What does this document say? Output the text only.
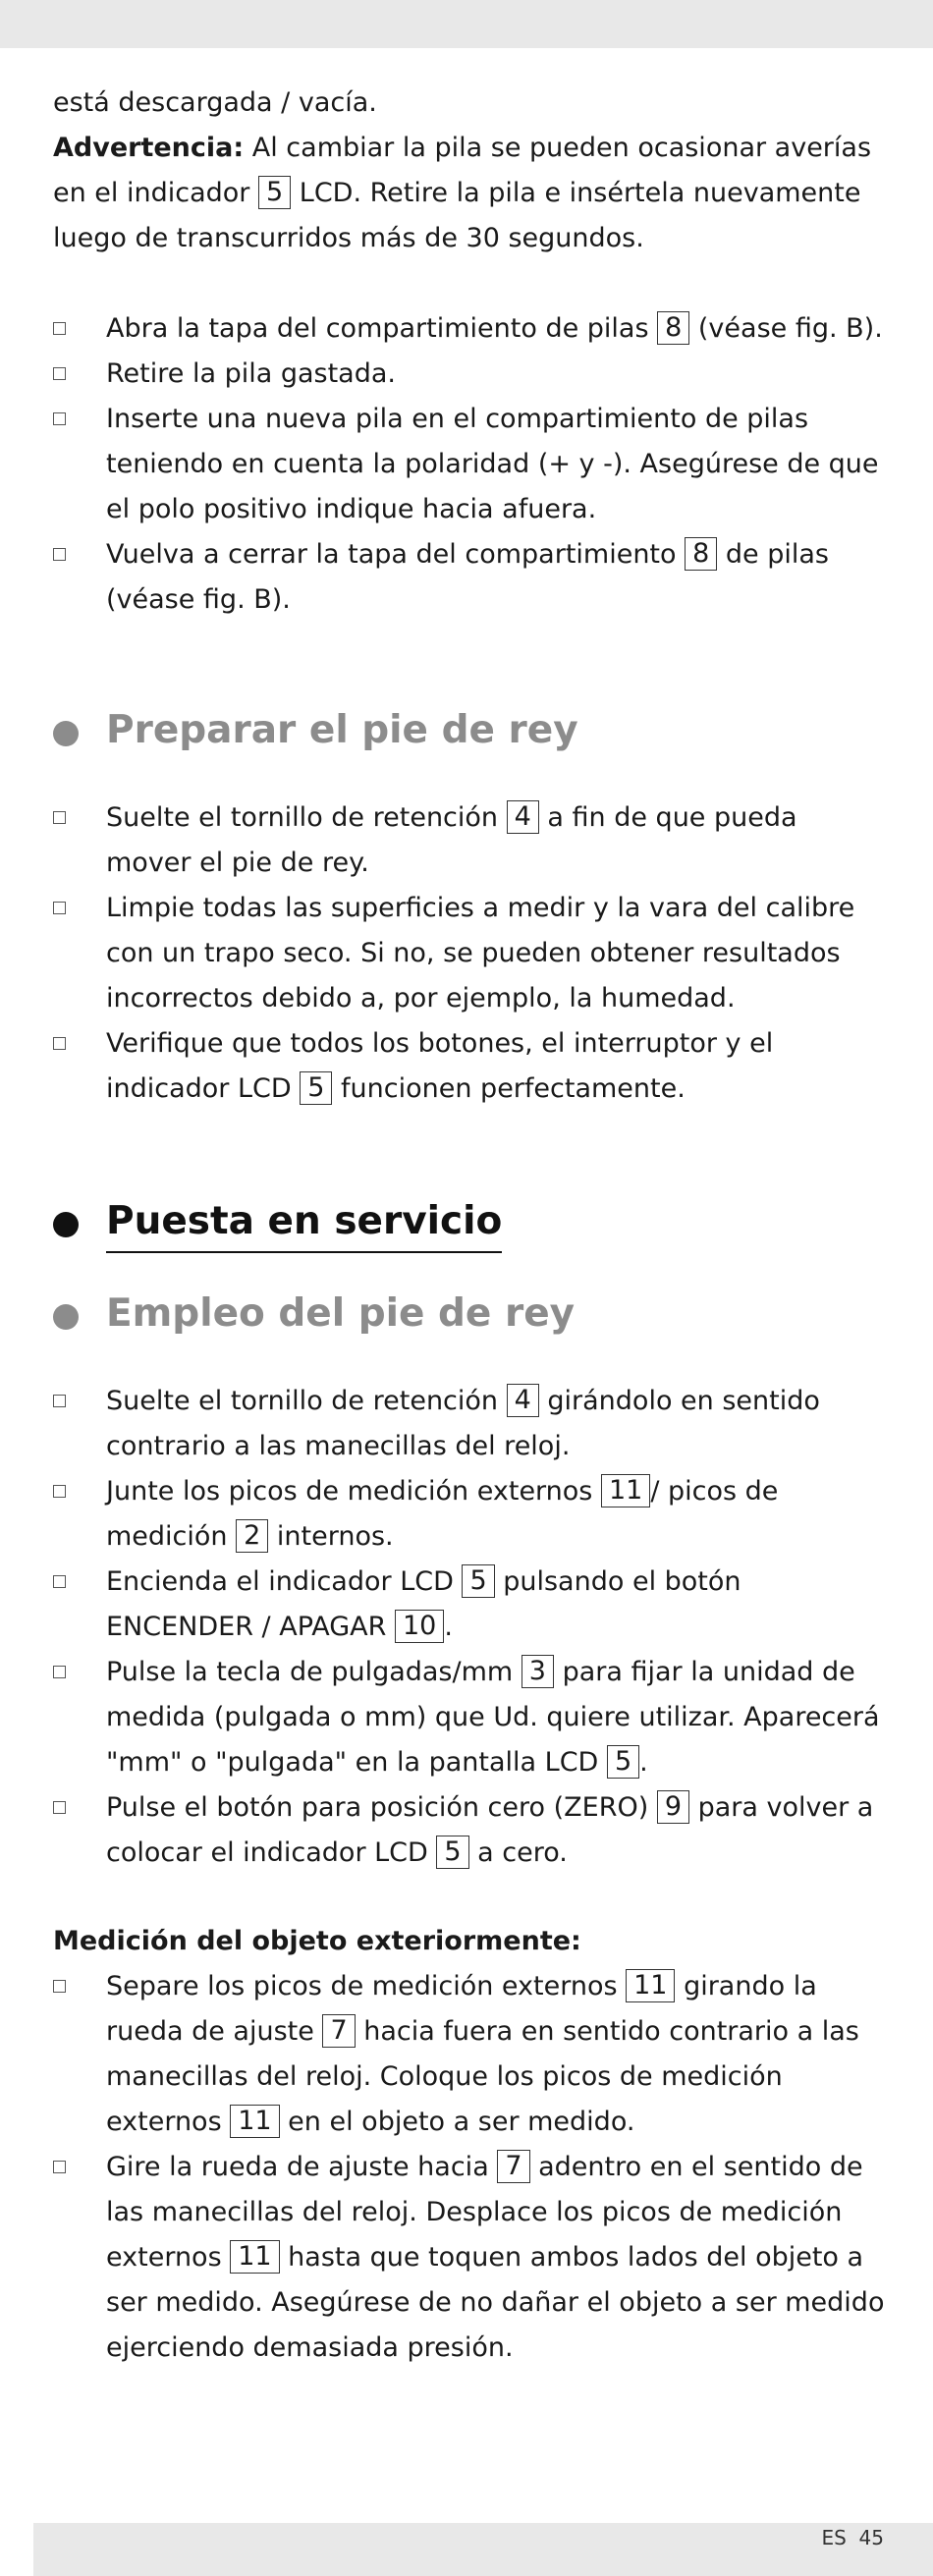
está descargada / vacía.

Advertencia: Al cambiar la pila se pueden ocasionar averías en el indicador 5 LCD. Retire la pila e insértela nuevamente luego de transcurridos más de 30 segundos.

Abra la tapa del compartimiento de pilas 8 (véase fig. B).
Retire la pila gastada.
Inserte una nueva pila en el compartimiento de pilas teniendo en cuenta la polaridad (+ y -). Asegúrese de que el polo positivo indique hacia afuera.
Vuelva a cerrar la tapa del compartimiento 8 de pilas (véase fig. B).
Preparar el pie de rey
Suelte el tornillo de retención 4 a fin de que pueda mover el pie de rey.
Limpie todas las superficies a medir y la vara del calibre con un trapo seco. Si no, se pueden obtener resultados incorrectos debido a, por ejemplo, la humedad.
Verifique que todos los botones, el interruptor y el indicador LCD 5 funcionen perfectamente.
Puesta en servicio
Empleo del pie de rey
Suelte el tornillo de retención 4 girándolo en sentido contrario a las manecillas del reloj.
Junte los picos de medición externos 11 / picos de medición 2 internos.
Encienda el indicador LCD 5 pulsando el botón ENCENDER / APAGAR 10 .
Pulse la tecla de pulgadas/mm 3 para fijar la unidad de medida (pulgada o mm) que Ud. quiere utilizar. Aparecerá "mm" o "pulgada" en la pantalla LCD 5 .
Pulse el botón para posición cero (ZERO) 9 para volver a colocar el indicador LCD 5 a cero.

Medición del objeto exteriormente:

Separe los picos de medición externos 11 girando la rueda de ajuste 7 hacia fuera en sentido contrario a las manecillas del reloj. Coloque los picos de medición externos 11 en el objeto a ser medido.
Gire la rueda de ajuste hacia 7 adentro en el sentido de las manecillas del reloj. Desplace los picos de medición externos 11 hasta que toquen ambos lados del objeto a ser medido. Asegúrese de no dañar el objeto a ser medido ejerciendo demasiada presión.
ES 45
